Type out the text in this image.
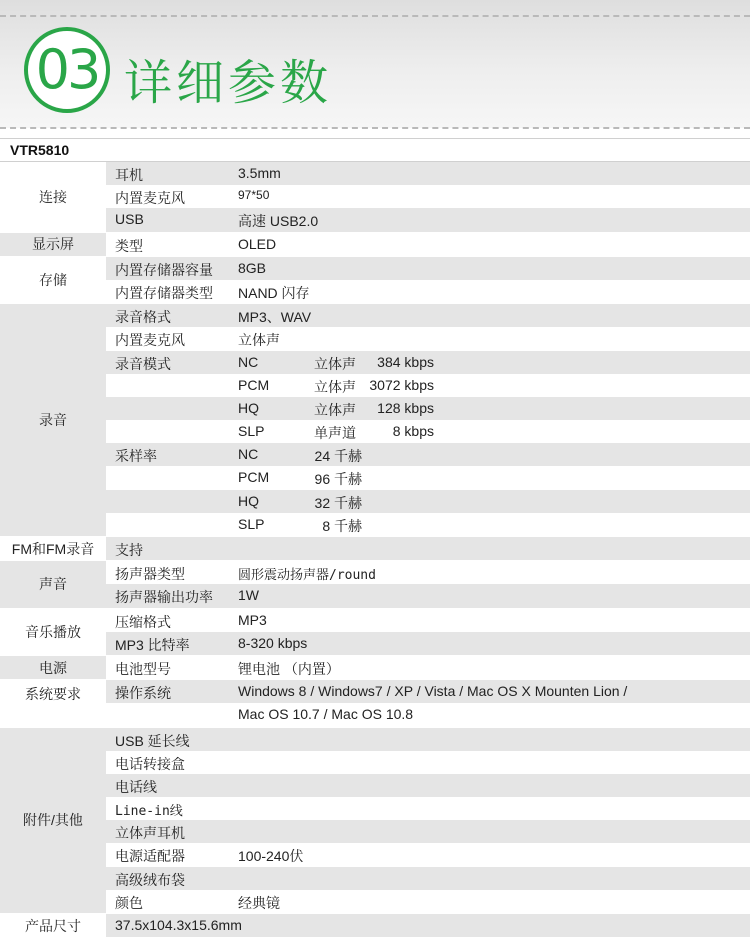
03 详细参数
VTR5810
连接
耳机	3.5mm
内置麦克风	97*50
USB	高速 USB2.0
显示屏	类型	OLED
存储
内置存储器容量 8GB
内置存储器类型 NAND 闪存
录音
录音格式	MP3、WAV
内置麦克风	立体声
录音模式	NC	立体声	384 kbps
PCM	立体声 3072 kbps
HQ	立体声	128 kbps
SLP	单声道	8 kbps
采样率	NC	24 千赫
PCM	96 千赫
HQ	32 千赫
SLP	8 千赫
FM和FM录音	支持
声音
扬声器类型	圆形震动扬声器/round
扬声器输出功率 1W
音乐播放
压缩格式	MP3
MP3 比特率	8-320 kbps
电源	电池型号	锂电池 （内置）
系统要求	操作系统	Windows 8 / Windows7 / XP / Vista / Mac OS X Mounten Lion /
Mac OS 10.7 / Mac OS 10.8
附件/其他
USB 延长线
电话转接盒
电话线
Line-in线
立体声耳机
电源适配器	100-240伏
高级绒布袋
颜色	经典镜
产品尺寸	37.5x104.3x15.6mm
